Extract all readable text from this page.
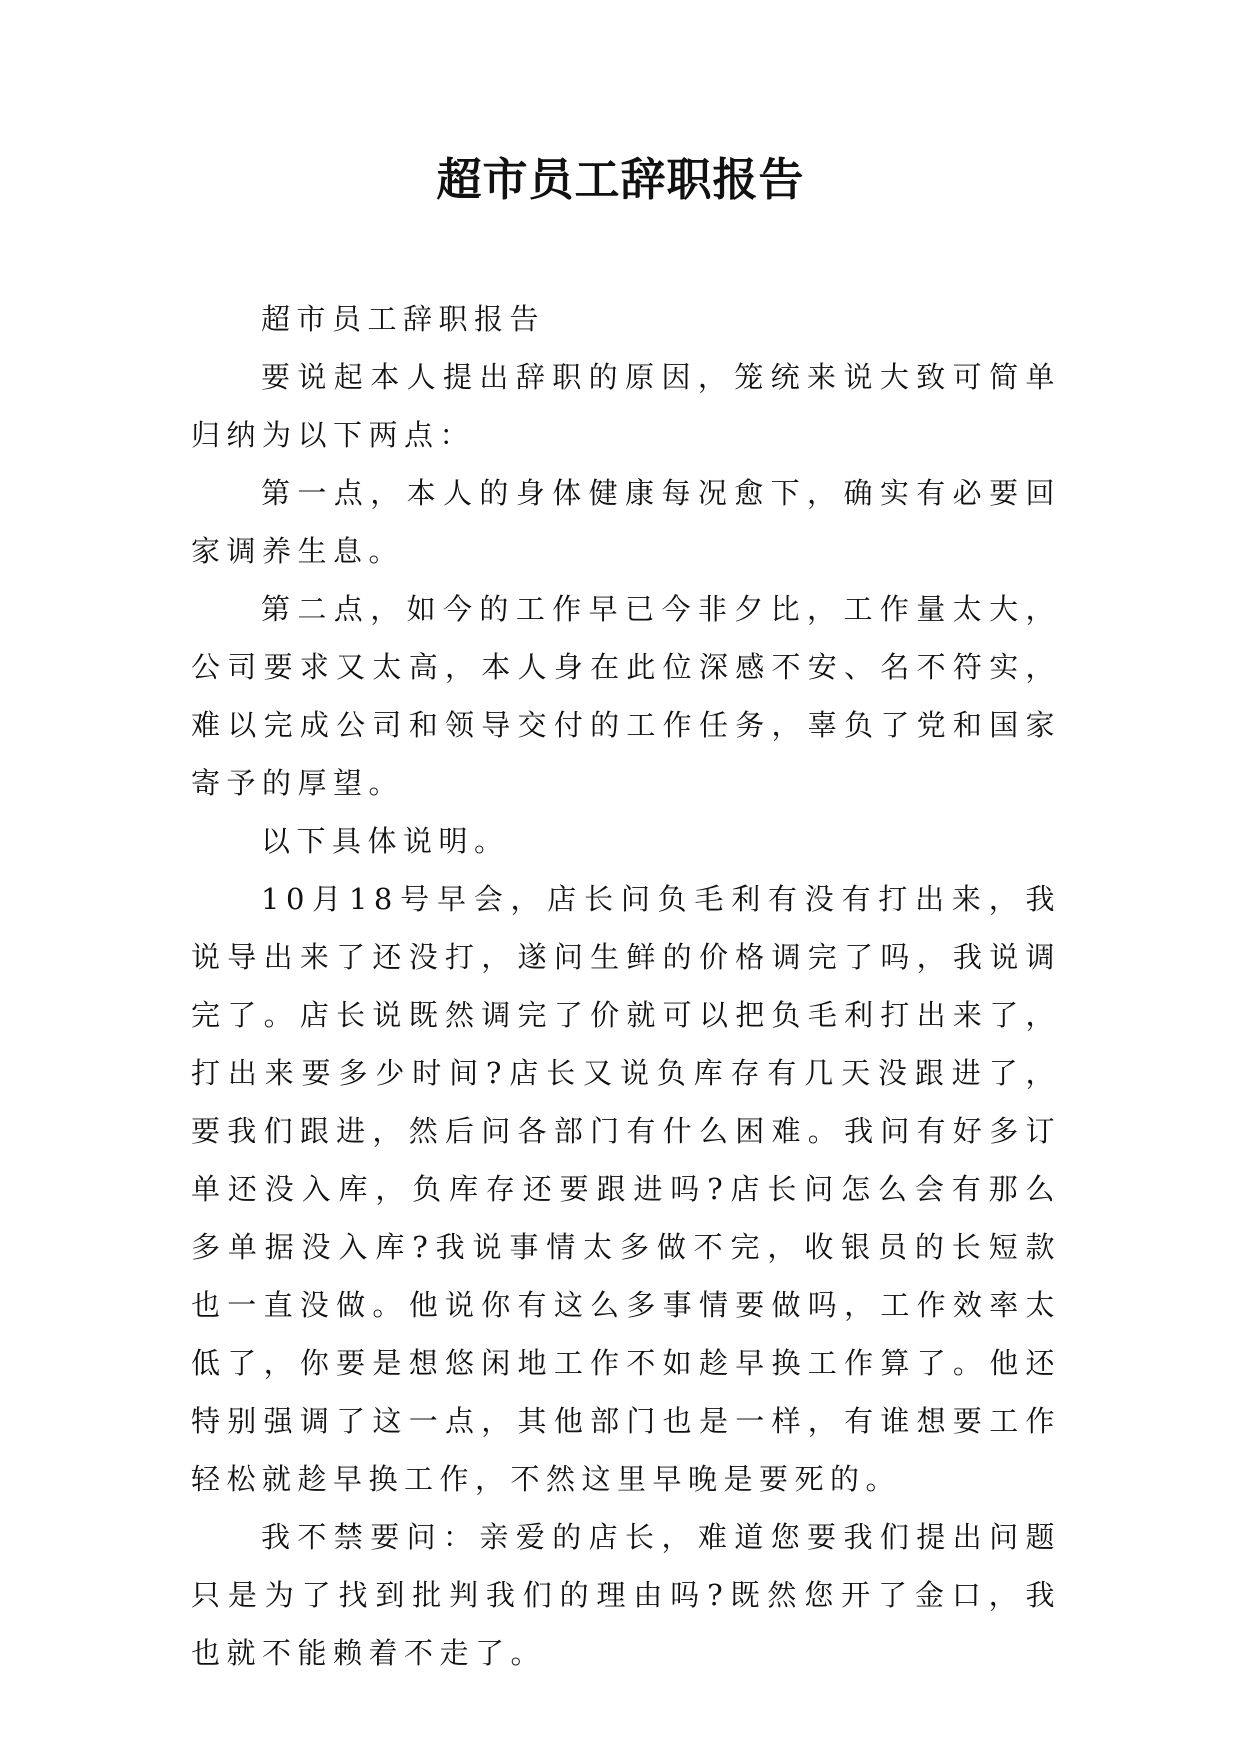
超市员工辞职报告

超市员工辞职报告

要说起本人提出辞职的原因，笼统来说大致可简单归纳为以下两点：

第一点，本人的身体健康每况愈下，确实有必要回家调养生息。

第二点，如今的工作早已今非夕比，工作量太大，公司要求又太高，本人身在此位深感不安、名不符实，难以完成公司和领导交付的工作任务，辜负了党和国家寄予的厚望。

以下具体说明。

10月18号早会，店长问负毛利有没有打出来，我说导出来了还没打，遂问生鲜的价格调完了吗，我说调完了。店长说既然调完了价就可以把负毛利打出来了，打出来要多少时间?店长又说负库存有几天没跟进了，要我们跟进，然后问各部门有什么困难。我问有好多订单还没入库，负库存还要跟进吗?店长问怎么会有那么多单据没入库?我说事情太多做不完，收银员的长短款也一直没做。他说你有这么多事情要做吗，工作效率太低了，你要是想悠闲地工作不如趁早换工作算了。他还特别强调了这一点，其他部门也是一样，有谁想要工作轻松就趁早换工作，不然这里早晚是要死的。

我不禁要问：亲爱的店长，难道您要我们提出问题只是为了找到批判我们的理由吗?既然您开了金口，我也就不能赖着不走了。
